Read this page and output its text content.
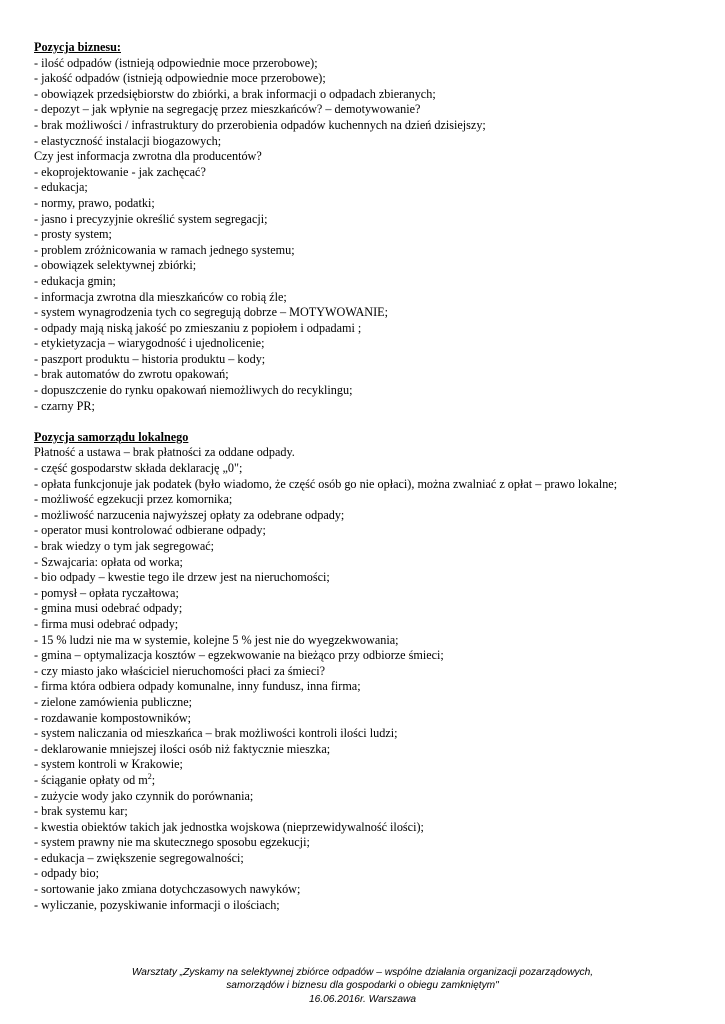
Pozycja biznesu:
- ilość odpadów (istnieją odpowiednie moce przerobowe);
- jakość odpadów (istnieją odpowiednie moce przerobowe);
- obowiązek przedsiębiorstw do zbiórki, a brak informacji o odpadach zbieranych;
- depozyt – jak wpłynie na segregację przez mieszkańców? – demotywowanie?
- brak możliwości / infrastruktury do przerobienia odpadów kuchennych na dzień dzisiejszy;
- elastyczność instalacji biogazowych;
Czy jest informacja zwrotna dla producentów?
- ekoprojektowanie - jak zachęcać?
- edukacja;
- normy, prawo, podatki;
- jasno i precyzyjnie określić system segregacji;
- prosty system;
- problem zróżnicowania w ramach jednego systemu;
- obowiązek selektywnej zbiórki;
- edukacja gmin;
- informacja zwrotna dla mieszkańców co robią źle;
- system wynagrodzenia tych co segregują dobrze – MOTYWOWANIE;
- odpady mają niską jakość po zmieszaniu z popiołem i odpadami ;
- etykietyzacja – wiarygodność i ujednolicenie;
- paszport produktu – historia produktu – kody;
- brak automatów do zwrotu opakowań;
- dopuszczenie do rynku opakowań niemożliwych do recyklingu;
- czarny PR;
Pozycja samorządu lokalnego
Płatność a ustawa – brak płatności za oddane odpady.
- część gospodarstw składa deklarację „0";
- opłata funkcjonuje jak podatek (było wiadomo, że część osób go nie opłaci), można zwalniać z opłat – prawo lokalne;
- możliwość egzekucji przez komornika;
- możliwość narzucenia najwyższej opłaty za odebrane odpady;
- operator musi kontrolować odbierane odpady;
- brak wiedzy o tym jak segregować;
- Szwajcaria: opłata od worka;
- bio odpady – kwestie tego ile drzew jest na nieruchomości;
- pomysł – opłata ryczałtowa;
- gmina musi odebrać odpady;
- firma musi odebrać odpady;
- 15 % ludzi nie ma w systemie, kolejne 5 % jest nie do wyegzekwowania;
- gmina – optymalizacja kosztów – egzekwowanie na bieżąco przy odbiorze śmieci;
- czy miasto jako właściciel nieruchomości płaci za śmieci?
- firma która odbiera odpady komunalne, inny fundusz, inna firma;
- zielone zamówienia publiczne;
- rozdawanie kompostowników;
- system naliczania od mieszkańca – brak możliwości kontroli ilości ludzi;
- deklarowanie mniejszej ilości osób niż faktycznie mieszka;
- system kontroli w Krakowie;
- ściąganie opłaty od $m^2$;
- zużycie wody jako czynnik do porównania;
- brak systemu kar;
- kwestia obiektów takich jak jednostka wojskowa (nieprzewidywalność ilości);
- system prawny nie ma skutecznego sposobu egzekucji;
- edukacja – zwiększenie segregowalności;
- odpady bio;
- sortowanie jako zmiana dotychczasowych nawyków;
- wyliczanie, pozyskiwanie informacji o ilościach;
Warsztaty „Zyskamy na selektywnej zbiórce odpadów – wspólne działania organizacji pozarządowych,
samorządów i biznesu dla gospodarki o obiegu zamkniętym"
16.06.2016r. Warszawa
